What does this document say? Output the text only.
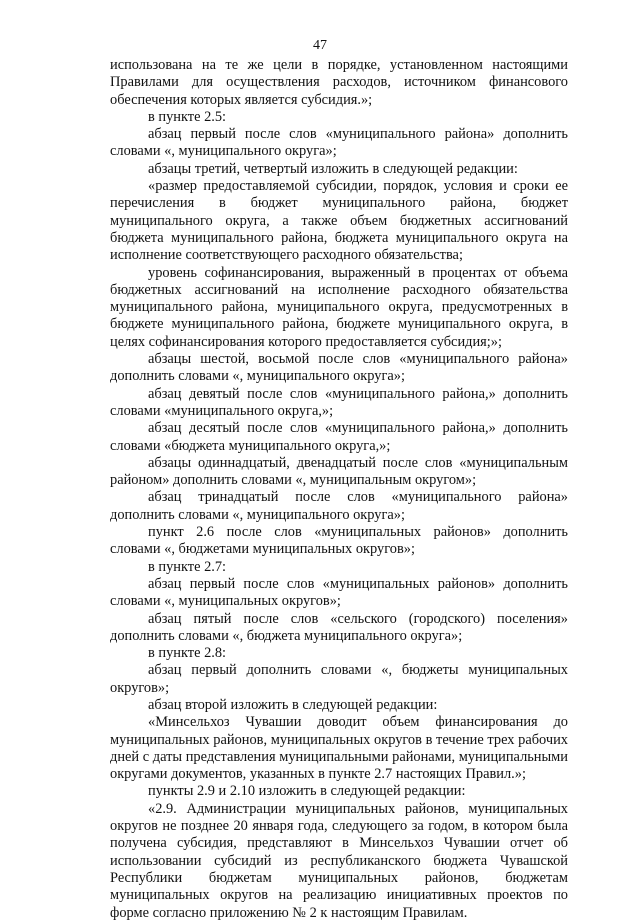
47

использована на те же цели в порядке, установленном настоящими Правилами для осуществления расходов, источником финансового обеспечения которых является субсидия.»;

в пункте 2.5:

абзац первый после слов «муниципального района» дополнить словами «, муниципального округа»;

абзацы третий, четвертый изложить в следующей редакции:

«размер предоставляемой субсидии, порядок, условия и сроки ее перечисления в бюджет муниципального района, бюджет муниципального округа, а также объем бюджетных ассигнований бюджета муниципального района, бюджета муниципального округа на исполнение соответствующего расходного обязательства;

уровень софинансирования, выраженный в процентах от объема бюджетных ассигнований на исполнение расходного обязательства муниципального района, муниципального округа, предусмотренных в бюджете муниципального района, бюджете муниципального округа, в целях софинансирования которого предоставляется субсидия;»;

абзацы шестой, восьмой после слов «муниципального района» дополнить словами «, муниципального округа»;

абзац девятый после слов «муниципального района,» дополнить словами «муниципального округа,»;

абзац десятый после слов «муниципального района,» дополнить словами «бюджета муниципального округа,»;

абзацы одиннадцатый, двенадцатый после слов «муниципальным районом» дополнить словами «, муниципальным округом»;

абзац тринадцатый после слов «муниципального района» дополнить словами «, муниципального округа»;

пункт 2.6 после слов «муниципальных районов» дополнить словами «, бюджетами муниципальных округов»;

в пункте 2.7:

абзац первый после слов «муниципальных районов» дополнить словами «, муниципальных округов»;

абзац пятый после слов «сельского (городского) поселения» дополнить словами «, бюджета муниципального округа»;

в пункте 2.8:

абзац первый дополнить словами «, бюджеты муниципальных округов»;

абзац второй изложить в следующей редакции:

«Минсельхоз Чувашии доводит объем финансирования до муниципальных районов, муниципальных округов в течение трех рабочих дней с даты представления муниципальными районами, муниципальными округами документов, указанных в пункте 2.7 настоящих Правил.»;

пункты 2.9 и 2.10 изложить в следующей редакции:

«2.9. Администрации муниципальных районов, муниципальных округов не позднее 20 января года, следующего за годом, в котором была получена субсидия, представляют в Минсельхоз Чувашии отчет об использовании субсидий из республиканского бюджета Чувашской Республики бюджетам муниципальных районов, бюджетам муниципальных округов на реализацию инициативных проектов по форме согласно приложению № 2 к настоящим Правилам.
